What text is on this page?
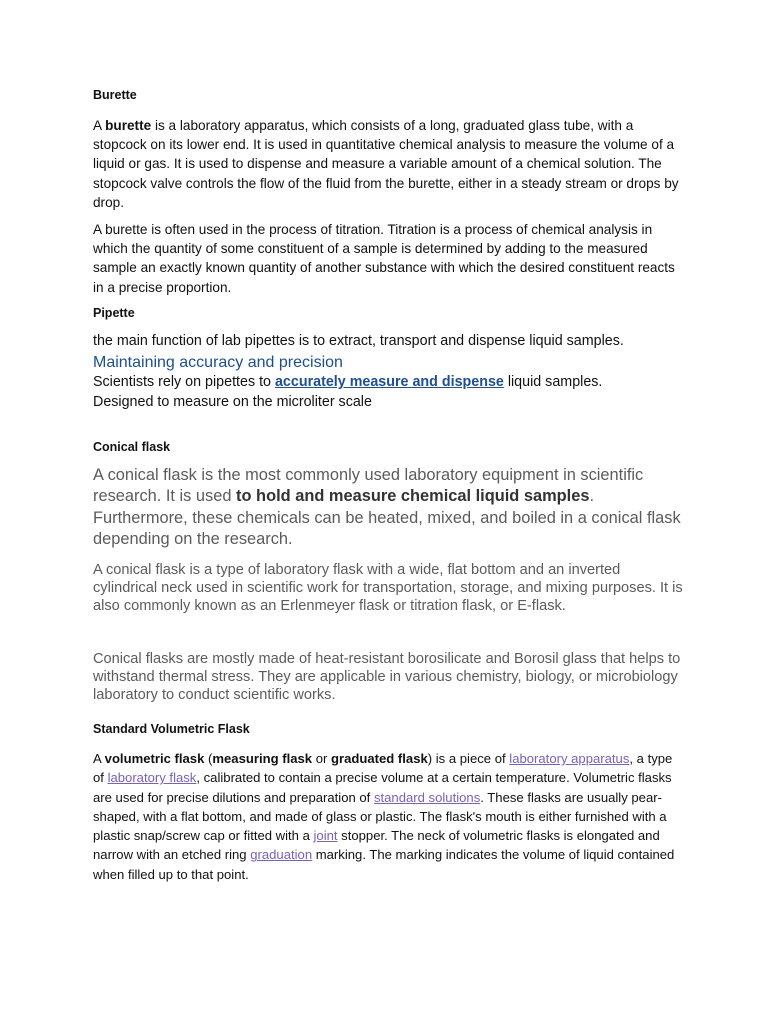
Burette

A burette is a laboratory apparatus, which consists of a long, graduated glass tube, with a stopcock on its lower end. It is used in quantitative chemical analysis to measure the volume of a liquid or gas. It is used to dispense and measure a variable amount of a chemical solution. The stopcock valve controls the flow of the fluid from the burette, either in a steady stream or drops by drop.

A burette is often used in the process of titration. Titration is a process of chemical analysis in which the quantity of some constituent of a sample is determined by adding to the measured sample an exactly known quantity of another substance with which the desired constituent reacts in a precise proportion.

Pipette
the main function of lab pipettes is to extract, transport and dispense liquid samples.
Maintaining accuracy and precision
Scientists rely on pipettes to accurately measure and dispense liquid samples.
Designed to measure on the microliter scale
Conical flask

A conical flask is the most commonly used laboratory equipment in scientific research. It is used to hold and measure chemical liquid samples. Furthermore, these chemicals can be heated, mixed, and boiled in a conical flask depending on the research.

A conical flask is a type of laboratory flask with a wide, flat bottom and an inverted cylindrical neck used in scientific work for transportation, storage, and mixing purposes. It is also commonly known as an Erlenmeyer flask or titration flask, or E-flask.

Conical flasks are mostly made of heat-resistant borosilicate and Borosil glass that helps to withstand thermal stress. They are applicable in various chemistry, biology, or microbiology laboratory to conduct scientific works.

Standard Volumetric Flask

A volumetric flask (measuring flask or graduated flask) is a piece of laboratory apparatus, a type of laboratory flask, calibrated to contain a precise volume at a certain temperature. Volumetric flasks are used for precise dilutions and preparation of standard solutions. These flasks are usually pear-shaped, with a flat bottom, and made of glass or plastic. The flask's mouth is either furnished with a plastic snap/screw cap or fitted with a joint stopper. The neck of volumetric flasks is elongated and narrow with an etched ring graduation marking. The marking indicates the volume of liquid contained when filled up to that point.
